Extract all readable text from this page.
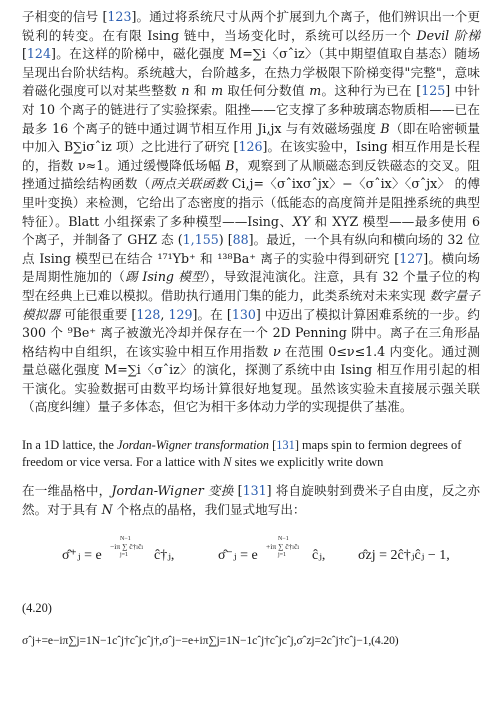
子相变的信号 [123]。通过将系统尺寸从两个扩展到九个离子，他们辨识出一个更锐利的转变。在有限 Ising 链中，当场变化时，系统可以经历一个 Devil 阶梯 [124]。在这样的阶梯中，磁化强度 M=∑i〈σˆiz〉（其中期望值取自基态）随场呈现出台阶状结构。系统越大，台阶越多，在热力学极限下阶梯变得"完整"，意味着磁化强度可以对某些整数 n 和 m 取任何分数值 m。这种行为已在 [125] 中针对 10 个离子的链进行了实验探索。阻挫——它支撑了多种玻璃态物质相——已在最多 16 个离子的链中通过调节相互作用 Ji,jx 与有效磁场强度 B（即在哈密顿量中加入 B∑iσˆiz 项）之比进行了研究 [126]。在该实验中，Ising 相互作用是长程的，指数 ν≈1。通过缓慢降低场幅 B，观察到了从顺磁态到反铁磁态的交叉。阻挫通过描绘结构函数（两点关联函数 Ci,j=〈σˆixσˆjx〉−〈σˆix〉〈σˆjx〉 的傅里叶变换）来检测，它给出了态密度的指示（低能态的高度简并是阻挫系统的典型特征）。Blatt 小组探索了多种模型——Ising、XY 和 XYZ 模型——最多使用 6 个离子，并制备了 GHZ 态 (1,155) [88]。最近，一个具有纵向和横向场的 32 位点 Ising 模型已在结合 ¹⁷¹Yb⁺ 和 ¹³⁸Ba⁺ 离子的实验中得到研究 [127]。横向场是周期性施加的（踢 Ising 模型），导致混沌演化。注意，具有 32 个量子位的构型在经典上已难以模拟。借助执行通用门集的能力，此类系统对未来实现 数字量子模拟器 可能很重要 [128, 129]。在 [130] 中迈出了模拟计算困难系统的一步。约 300 个 ⁹Be⁺ 离子被激光冷却并保存在一个 2D Penning 阱中。离子在三角形晶格结构中自组织，在该实验中相互作用指数 ν 在范围 0≤ν≤1.4 内变化。通过测量总磁化强度 M=∑i〈σˆiz〉的演化，探测了系统中由 Ising 相互作用引起的相干演化。实验数据可由数平均场计算很好地复现。虽然该实验未直接展示强关联（高度纠缠）量子多体态，但它为相干多体动力学的实现提供了基准。

In a 1D lattice, the Jordan-Wigner transformation [131] maps spin to fermion degrees of freedom or vice versa. For a lattice with N sites we explicitly write down

在一维晶格中，Jordan-Wigner 变换 [131] 将自旋映射到费米子自由度，反之亦然。对于具有 N 个格点的晶格，我们显式地写出：

σ̂⁺ⱼ = e
−iπ ∑ ĉ†ₗĉₗ
N−1
j=1 ĉ†ⱼ,	σ̂⁻ⱼ = e
+iπ ∑ ĉ†ₗĉₗ
N−1
j=1 ĉⱼ, σ̂zj = 2ĉ†ⱼĉⱼ − 1,
(4.20)
σˆj+=e−iπ∑j=1N−1cˆj†cˆjcˆj†,σˆj−=e+iπ∑j=1N−1cˆj†cˆjcˆj,σˆzj=2cˆj†cˆj−1,(4.20)
